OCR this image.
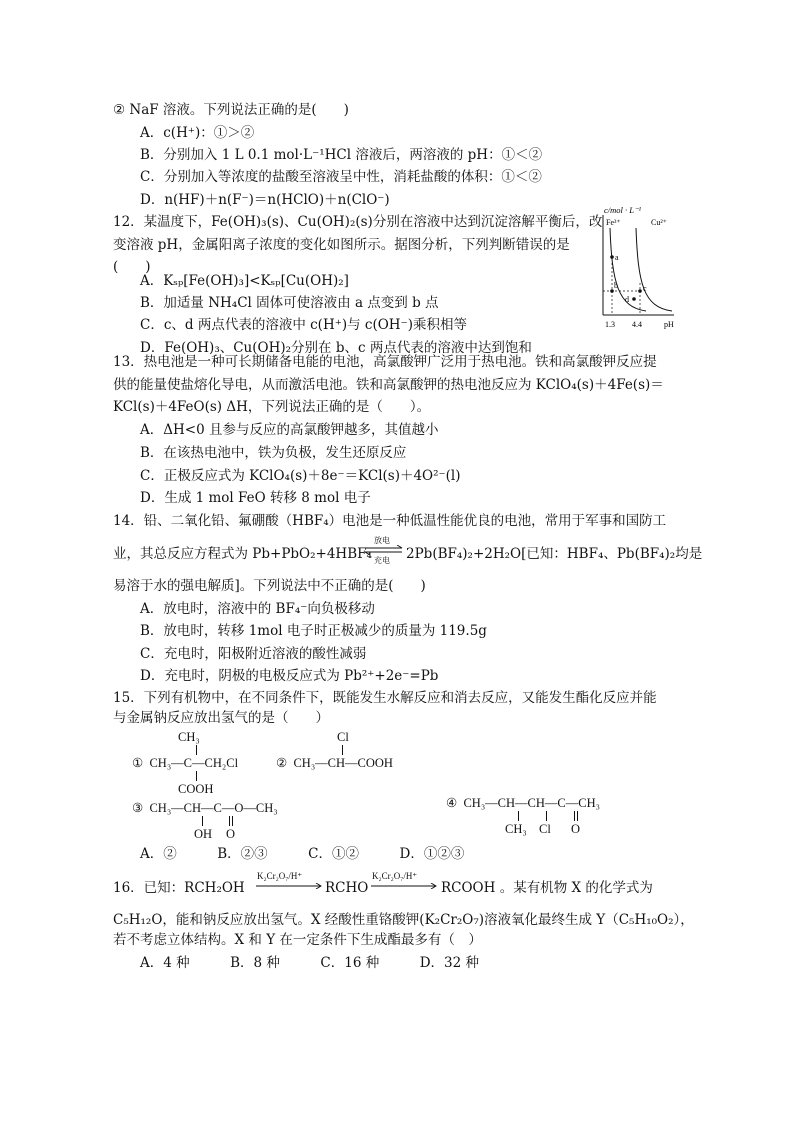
② NaF 溶液。下列说法正确的是(　　)
A．c(H⁺)：①＞②
B．分别加入 1 L 0.1 mol·L⁻¹HCl 溶液后，两溶液的 pH：①＜②
C．分别加入等浓度的盐酸至溶液呈中性，消耗盐酸的体积：①＜②
D．n(HF)＋n(F⁻)＝n(HClO)＋n(ClO⁻)
12．某温度下，Fe(OH)₃(s)、Cu(OH)₂(s)分别在溶液中达到沉淀溶解平衡后，改
变溶液 pH，金属阳离子浓度的变化如图所示。据图分析，下列判断错误的是
(　　)
A．Kₛₚ[Fe(OH)₃]<Kₛₚ[Cu(OH)₂]
B．加适量 NH₄Cl 固体可使溶液由 a 点变到 b 点
C．c、d 两点代表的溶液中 c(H⁺)与 c(OH⁻)乘积相等
D．Fe(OH)₃、Cu(OH)₂分别在 b、c 两点代表的溶液中达到饱和
c/mol · L⁻¹
Fe³⁺	Cu²⁺
a
b	c
d
1.3 4.4	pH
13．热电池是一种可长期储备电能的电池，高氯酸钾广泛用于热电池。铁和高氯酸钾反应提
供的能量使盐熔化导电，从而激活电池。铁和高氯酸钾的热电池反应为 KClO₄(s)＋4Fe(s)＝
KCl(s)＋4FeO(s) ΔH，下列说法正确的是（　　）。
A．ΔH<0 且参与反应的高氯酸钾越多，其值越小
B．在该热电池中，铁为负极，发生还原反应
C．正极反应式为 KClO₄(s)＋8e⁻＝KCl(s)＋4O²⁻(l)
D．生成 1 mol FeO 转移 8 mol 电子
14．铅、二氧化铅、氟硼酸（HBF₄）电池是一种低温性能优良的电池，常用于军事和国防工
业，其总反应方程式为 Pb+PbO₂+4HBF₄
放电
充电 2Pb(BF₄)₂+2H₂O[已知：HBF₄、Pb(BF₄)₂均是
易溶于水的强电解质]。下列说法中不正确的是(　　)
A．放电时，溶液中的 BF₄⁻向负极移动
B．放电时，转移 1mol 电子时正极减少的质量为 119.5g
C．充电时，阳极附近溶液的酸性减弱
D．充电时，阴极的电极反应式为 Pb²⁺+2e⁻=Pb
15．下列有机物中，在不同条件下，既能发生水解反应和消去反应，又能发生酯化反应并能
与金属钠反应放出氢气的是（　　）
CH₃
①  CH₃—C—CH₂Cl
COOH
Cl
②  CH₃—CH—COOH
③  CH₃—CH—C—O—CH₃
OH O
④  CH₃—CH—CH—C—CH₃
CH₃ Cl O
A．②　　　B．②③　　　C．①②　　　D．①②③
16．已知：RCH₂OH
K₂Cr₂O₇/H⁺
RCHO
K₂Cr₂O₇/H⁺
RCOOH 。某有机物 X 的化学式为
C₅H₁₂O，能和钠反应放出氢气。X 经酸性重铬酸钾(K₂Cr₂O₇)溶液氧化最终生成 Y（C₅H₁₀O₂），
若不考虑立体结构。X 和 Y 在一定条件下生成酯最多有（　）
A．4 种　　　B．8 种　　　C．16 种　　　D．32 种
